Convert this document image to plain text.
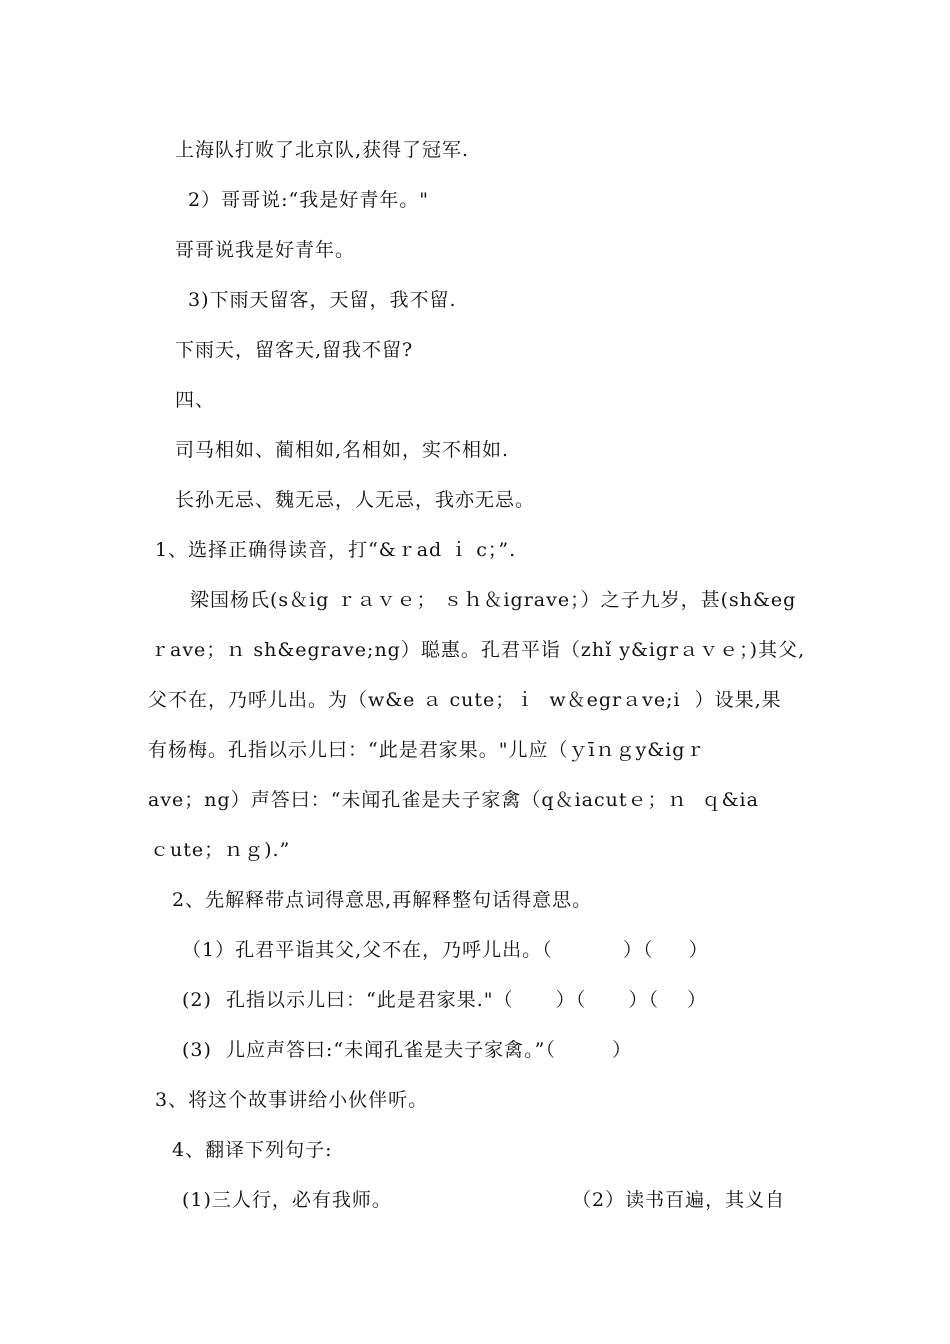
上海队打败了北京队,获得了冠军.
2）哥哥说:“我是好青年。"
哥哥说我是好青年。
3)下雨天留客，天留，我不留.
下雨天，留客天,留我不留?
四、
司马相如、蔺相如,名相如，实不相如.
长孙无忌、魏无忌，人无忌，我亦无忌。
1、选择正确得读音，打“&ｒad ｉ c；”.
梁国杨氏(s＆ig ｒａｖｅ； ｓｈ＆igrave；）之子九岁，甚(sh&eg
ｒave；ｎ sh&egrave;ng）聪惠。孔君平诣（zhǐ y&igrａｖｅ；)其父,
父不在，乃呼儿出。为（w&e ａ cute；ｉ  w＆egrａve;i  ）设果,果
有杨梅。孔指以示儿曰：“此是君家果。"儿应（ｙīｎｇy&igｒ
ave；ng）声答曰：“未闻孔雀是夫子家禽（q＆iacutｅ；ｎ  ｑ&ia
ｃute；ｎｇ).”
2、先解释带点词得意思,再解释整句话得意思。
（1）孔君平诣其父,父不在，乃呼儿出。（          ）（     ）
(2)  孔指以示儿曰：“此是君家果."（      ）（      ）（    ）
(3)  儿应声答曰:“未闻孔雀是夫子家禽。”（        ）
3、将这个故事讲给小伙伴听。
4、翻译下列句子:
(1)三人行，必有我师。	（2）读书百遍，其义自
